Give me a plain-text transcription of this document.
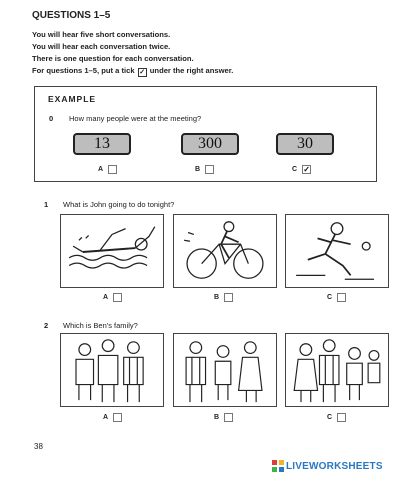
QUESTIONS 1–5
You will hear five short conversations.
You will hear each conversation twice.
There is one question for each conversation.
For questions 1–5, put a tick ✓ under the right answer.
EXAMPLE
0 How many people were at the meeting?
13	300	30
A	B	C ✓
1 What is John going to do tonight?
A	B	C
2 Which is Ben's family?
A	B	C
38
LIVEWORKSHEETS
